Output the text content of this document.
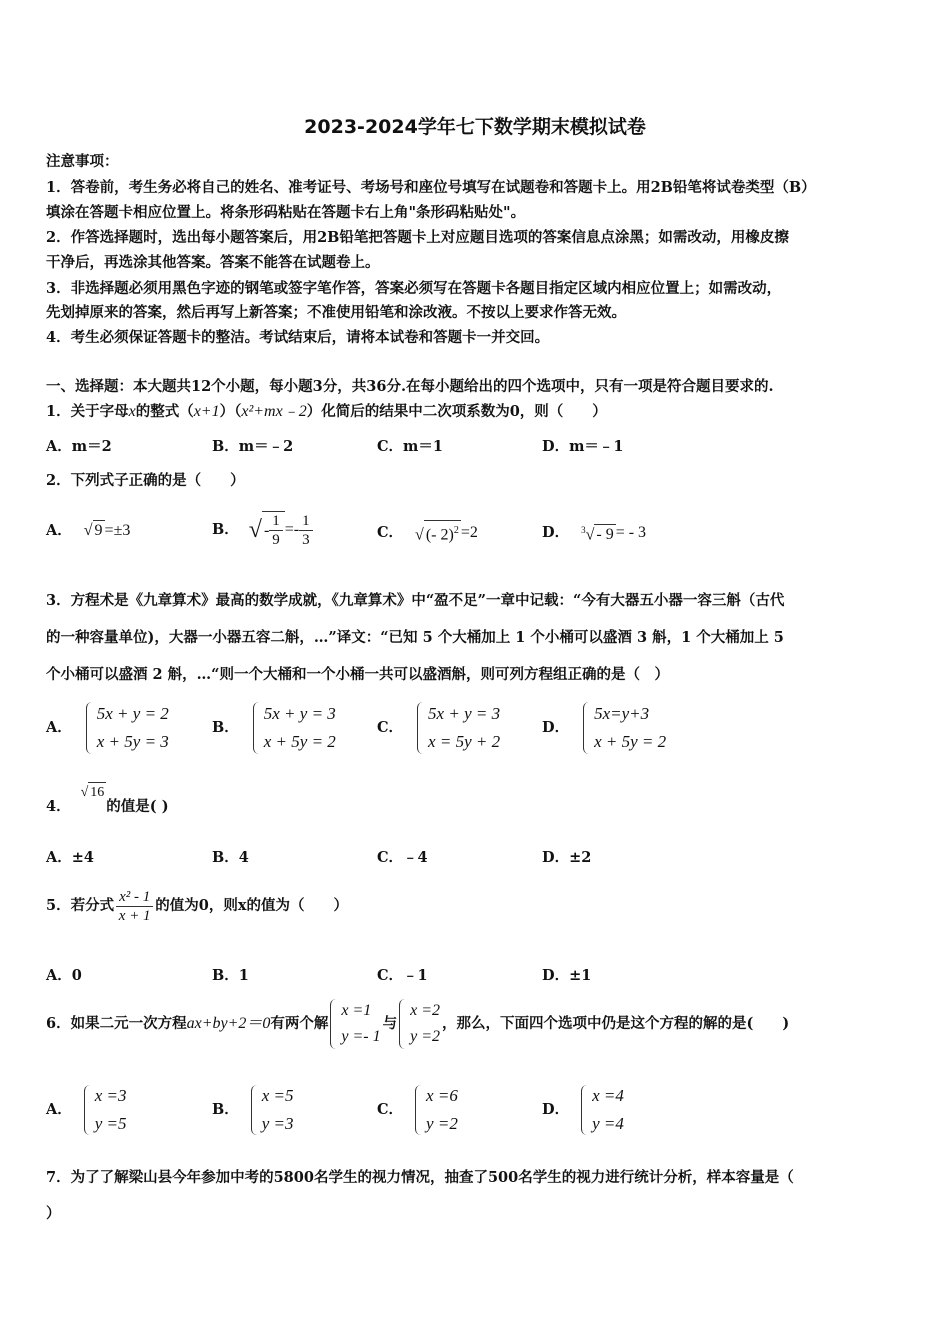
2023-2024学年七下数学期末模拟试卷
注意事项：
1．答卷前，考生务必将自己的姓名、准考证号、考场号和座位号填写在试题卷和答题卡上。用2B铅笔将试卷类型（B）
填涂在答题卡相应位置上。将条形码粘贴在答题卡右上角"条形码粘贴处"。
2．作答选择题时，选出每小题答案后，用2B铅笔把答题卡上对应题目选项的答案信息点涂黑；如需改动，用橡皮擦
干净后，再选涂其他答案。答案不能答在试题卷上。
3．非选择题必须用黑色字迹的钢笔或签字笔作答，答案必须写在答题卡各题目指定区域内相应位置上；如需改动，
先划掉原来的答案，然后再写上新答案；不准使用铅笔和涂改液。不按以上要求作答无效。
4．考生必须保证答题卡的整洁。考试结束后，请将本试卷和答题卡一并交回。
一、选择题：本大题共12个小题，每小题3分，共36分.在每小题给出的四个选项中，只有一项是符合题目要求的.
1．关于字母x的整式（x+1）（x²+mx﹣2）化简后的结果中二次项系数为0，则（　　）
A．m＝2	B．m＝﹣2	C．m＝1	D．m＝﹣1
2．下列式子正确的是（　　）
A． √ 9 =±3	B． √ - $\frac{1}{9} =- \frac{1}{3}$	C． √ (- 2)$^2$ =2	D． $^3$√ - 9 = - 3
3．方程术是《九章算术》最高的数学成就，《九章算术》中“盈不足”一章中记载：“今有大器五小器一容三斛（古代
的一种容量单位)，大器一小器五容二斛，…”译文：“已知 5 个大桶加上 1 个小桶可以盛酒 3 斛，1 个大桶加上 5
个小桶可以盛酒 2 斛，…“则一个大桶和一个小桶一共可以盛酒斛，则可列方程组正确的是（　）
A．
5x + y = 2
x + 5y = 3
B．
5x + y = 3
x + 5y = 2
C．
5x + y = 3
x = 5y + 2
D．
5x=y+3
x + 5y = 2
4．
√ 16
的值是( )
A．±4	B．4	C．﹣4	D．±2
5．若分式 $\frac{\text{x² - 1}}{x + 1}$ 的值为0，则x的值为（　　）
A．0	B．1	C．﹣1	D．±1
6．如果二元一次方程 ax+by+2＝0 有两个解
x =1
y =- 1
与
x =2
y =2
，那么，下面四个选项中仍是这个方程的解的是(　　)
A．
x =3
y =5
B．
x =5
y =3
C．
x =6
y =2
D．
x =4
y =4
7．为了了解梁山县今年参加中考的5800名学生的视力情况，抽查了500名学生的视力进行统计分析，样本容量是（
）
